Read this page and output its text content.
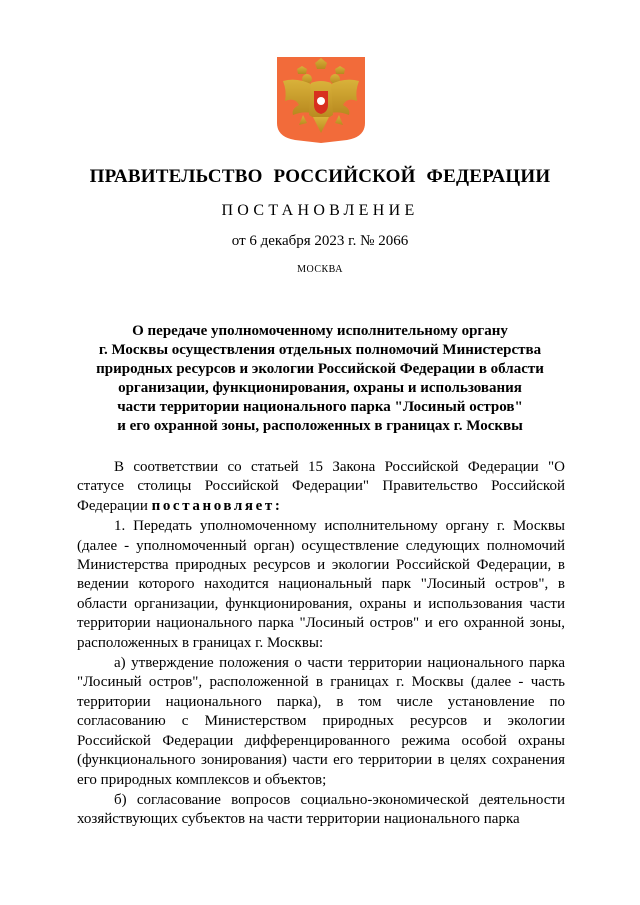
ПРАВИТЕЛЬСТВО РОССИЙСКОЙ ФЕДЕРАЦИИ
ПОСТАНОВЛЕНИЕ
от 6 декабря 2023 г. № 2066
МОСКВА
О передаче уполномоченному исполнительному органу
г. Москвы осуществления отдельных полномочий Министерства
природных ресурсов и экологии Российской Федерации в области
организации, функционирования, охраны и использования
части территории национального парка "Лосиный остров"
и его охранной зоны, расположенных в границах г. Москвы

В соответствии со статьей 15 Закона Российской Федерации "О статусе столицы Российской Федерации" Правительство Российской Федерации постановляет:

1. Передать уполномоченному исполнительному органу г. Москвы (далее - уполномоченный орган) осуществление следующих полномочий Министерства природных ресурсов и экологии Российской Федерации, в ведении которого находится национальный парк "Лосиный остров", в области организации, функционирования, охраны и использования части территории национального парка "Лосиный остров" и его охранной зоны, расположенных в границах г. Москвы:

а) утверждение положения о части территории национального парка "Лосиный остров", расположенной в границах г. Москвы (далее - часть территории национального парка), в том числе установление по согласованию с Министерством природных ресурсов и экологии Российской Федерации дифференцированного режима особой охраны (функционального зонирования) части его территории в целях сохранения его природных комплексов и объектов;

б) согласование вопросов социально-экономической деятельности хозяйствующих субъектов на части территории национального парка
